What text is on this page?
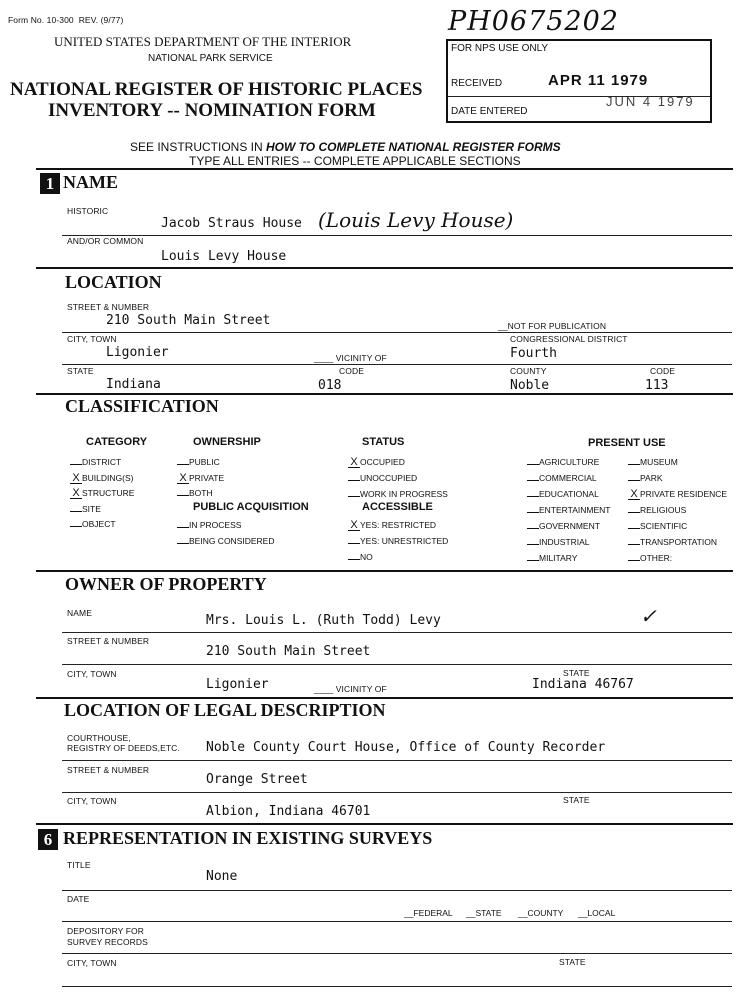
Form No. 10-300 REV. (9/77)
UNITED STATES DEPARTMENT OF THE INTERIOR
NATIONAL PARK SERVICE
NATIONAL REGISTER OF HISTORIC PLACES
INVENTORY -- NOMINATION FORM
PH0675202
FOR NPS USE ONLY
RECEIVED	APR 11 1979
DATE ENTERED
JUN 4 1979
SEE INSTRUCTIONS IN HOW TO COMPLETE NATIONAL REGISTER FORMS
TYPE ALL ENTRIES -- COMPLETE APPLICABLE SECTIONS
1 NAME
HISTORIC
Jacob Straus House (Louis Levy House)
AND/OR COMMON
Louis Levy House
LOCATION
STREET & NUMBER
210 South Main Street	__NOT FOR PUBLICATION
CITY, TOWN
Ligonier	____ VICINITY OF
CONGRESSIONAL DISTRICT
Fourth
STATE
Indiana
CODE
018
COUNTY
Noble
CODE
113
CLASSIFICATION
CATEGORY
DISTRICT
X BUILDING(S)
X STRUCTURE
SITE
OBJECT
OWNERSHIP
PUBLIC
X PRIVATE
BOTH
PUBLIC ACQUISITION
IN PROCESS
BEING CONSIDERED
STATUS
X OCCUPIED
UNOCCUPIED
WORK IN PROGRESS
ACCESSIBLE
X YES: RESTRICTED
YES: UNRESTRICTED
NO
PRESENT USE
AGRICULTURE
COMMERCIAL
EDUCATIONAL
ENTERTAINMENT
GOVERNMENT
INDUSTRIAL
MILITARY
MUSEUM
PARK
X PRIVATE RESIDENCE
RELIGIOUS
SCIENTIFIC
TRANSPORTATION
OTHER:
OWNER OF PROPERTY
NAME	Mrs. Louis L. (Ruth Todd) Levy	✓
STREET & NUMBER
210 South Main Street
CITY, TOWN
Ligonier	____ VICINITY OF
STATE
Indiana 46767
LOCATION OF LEGAL DESCRIPTION
COURTHOUSE,
REGISTRY OF DEEDS,ETC. Noble County Court House, Office of County Recorder
STREET & NUMBER
Orange Street
CITY, TOWN
Albion, Indiana 46701
STATE
6 REPRESENTATION IN EXISTING SURVEYS
TITLE
None
DATE
__FEDERAL __STATE __COUNTY __LOCAL
DEPOSITORY FOR
SURVEY RECORDS
CITY, TOWN	STATE
